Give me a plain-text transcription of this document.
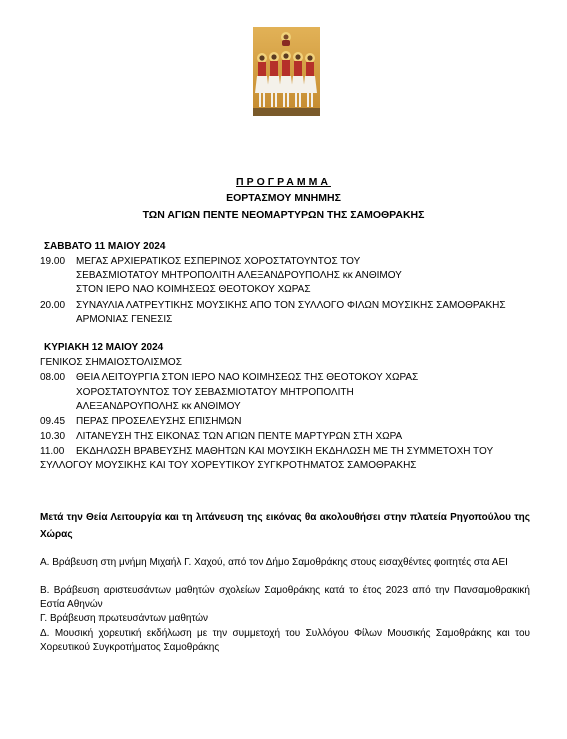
ΠΡΟΓΡΑΜΜΑ
ΕΟΡΤΑΣΜΟΥ ΜΝΗΜΗΣ
ΤΩΝ ΑΓΙΩΝ ΠΕΝΤΕ ΝΕΟΜΑΡΤΥΡΩΝ ΤΗΣ ΣΑΜΟΘΡΑΚΗΣ
ΣΑΒΒΑΤΟ 11 ΜΑΙΟΥ 2024
19.00 ΜΕΓΑΣ ΑΡΧΙΕΡΑΤΙΚΟΣ ΕΣΠΕΡΙΝΟΣ ΧΟΡΟΣΤΑΤΟΥΝΤΟΣ ΤΟΥ
ΣΕΒΑΣΜΙΟΤΑΤΟΥ ΜΗΤΡΟΠΟΛΙΤΗ ΑΛΕΞΑΝΔΡΟΥΠΟΛΗΣ κκ ΑΝΘΙΜΟΥ
ΣΤΟΝ ΙΕΡΟ ΝΑΟ ΚΟΙΜΗΣΕΩΣ ΘΕΟΤΟΚΟΥ ΧΩΡΑΣ
20.00 ΣΥΝΑΥΛΙΑ ΛΑΤΡΕΥΤΙΚΗΣ ΜΟΥΣΙΚΗΣ ΑΠΟ ΤΟΝ ΣΥΛΛΟΓΟ ΦΙΛΩΝ ΜΟΥΣΙΚΗΣ ΣΑΜΟΘΡΑΚΗΣ
ΑΡΜΟΝΙΑΣ ΓΕΝΕΣΙΣ
ΚΥΡΙΑΚΗ 12 ΜΑΙΟΥ 2024
ΓΕΝΙΚΟΣ ΣΗΜΑΙΟΣΤΟΛΙΣΜΟΣ
08.00 ΘΕΙΑ ΛΕΙΤΟΥΡΓΙΑ ΣΤΟΝ ΙΕΡΟ ΝΑΟ ΚΟΙΜΗΣΕΩΣ ΤΗΣ ΘΕΟΤΟΚΟΥ ΧΩΡΑΣ
ΧΟΡΟΣΤΑΤΟΥΝΤΟΣ ΤΟΥ ΣΕΒΑΣΜΙΟΤΑΤΟΥ ΜΗΤΡΟΠΟΛΙΤΗ
ΑΛΕΞΑΝΔΡΟΥΠΟΛΗΣ κκ ΑΝΘΙΜΟΥ
09.45 ΠΕΡΑΣ ΠΡΟΣΕΛΕΥΣΗΣ ΕΠΙΣΗΜΩΝ
10.30 ΛΙΤΑΝΕΥΣΗ ΤΗΣ ΕΙΚΟΝΑΣ ΤΩΝ ΑΓΙΩΝ ΠΕΝΤΕ ΜΑΡΤΥΡΩΝ ΣΤΗ ΧΩΡΑ
11.00 ΕΚΔΗΛΩΣΗ ΒΡΑΒΕΥΣΗΣ ΜΑΘΗΤΩΝ ΚΑΙ ΜΟΥΣΙΚΗ ΕΚΔΗΛΩΣΗ ΜΕ ΤΗ ΣΥΜΜΕΤΟΧΗ ΤΟΥ
ΣΥΛΛΟΓΟΥ ΜΟΥΣΙΚΗΣ ΚΑΙ ΤΟΥ ΧΟΡΕΥΤΙΚΟΥ ΣΥΓΚΡΟΤΗΜΑΤΟΣ ΣΑΜΟΘΡΑΚΗΣ
Μετά την Θεία Λειτουργία και τη λιτάνευση της εικόνας θα ακολουθήσει στην πλατεία Ρηγοπούλου της Χώρας
Α. Βράβευση στη μνήμη Μιχαήλ Γ. Χαχού, από τον Δήμο Σαμοθράκης στους εισαχθέντες φοιτητές στα ΑΕΙ
Β. Βράβευση αριστευσάντων μαθητών σχολείων Σαμοθράκης κατά το έτος 2023 από την Πανσαμοθρακική Εστία Αθηνών
Γ. Βράβευση πρωτευσάντων μαθητών
Δ. Μουσική χορευτική εκδήλωση με την συμμετοχή του Συλλόγου Φίλων Μουσικής Σαμοθράκης και του Χορευτικού Συγκροτήματος Σαμοθράκης
